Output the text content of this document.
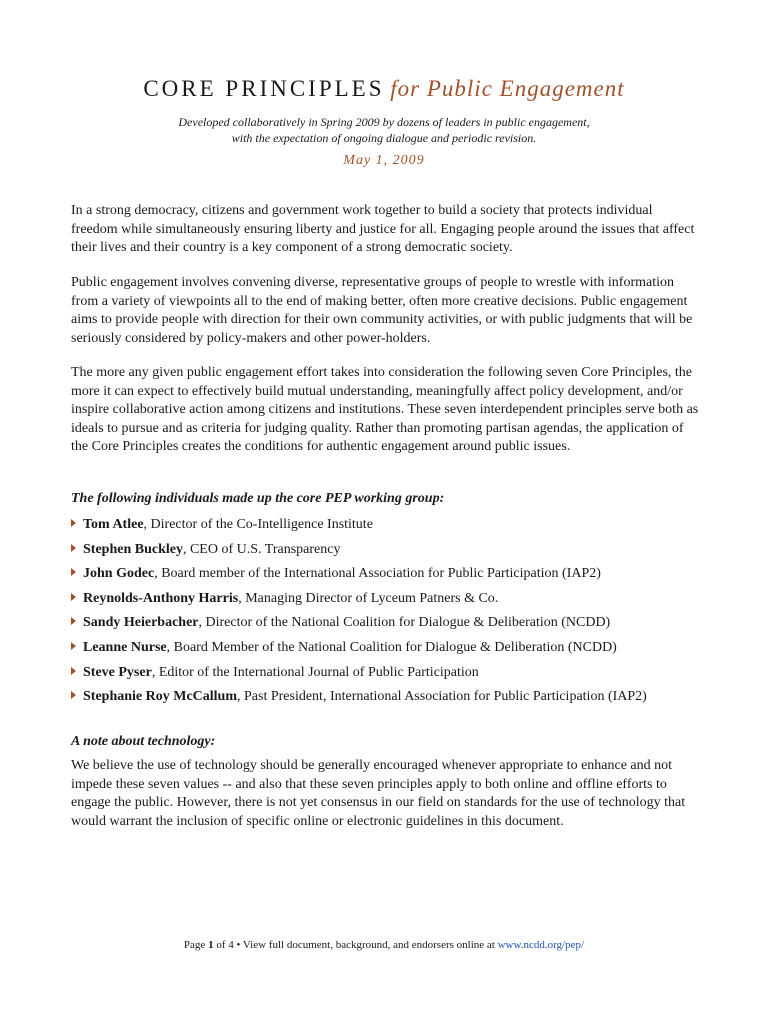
CORE PRINCIPLES for Public Engagement
Developed collaboratively in Spring 2009 by dozens of leaders in public engagement,
with the expectation of ongoing dialogue and periodic revision.
May 1, 2009
In a strong democracy, citizens and government work together to build a society that protects individual freedom while simultaneously ensuring liberty and justice for all. Engaging people around the issues that affect their lives and their country is a key component of a strong democratic society.
Public engagement involves convening diverse, representative groups of people to wrestle with information from a variety of viewpoints all to the end of making better, often more creative decisions. Public engagement aims to provide people with direction for their own community activities, or with public judgments that will be seriously considered by policy-makers and other power-holders.
The more any given public engagement effort takes into consideration the following seven Core Principles, the more it can expect to effectively build mutual understanding, meaningfully affect policy development, and/or inspire collaborative action among citizens and institutions. These seven interdependent principles serve both as ideals to pursue and as criteria for judging quality. Rather than promoting partisan agendas, the application of the Core Principles creates the conditions for authentic engagement around public issues.
The following individuals made up the core PEP working group:
Tom Atlee, Director of the Co-Intelligence Institute
Stephen Buckley, CEO of U.S. Transparency
John Godec, Board member of the International Association for Public Participation (IAP2)
Reynolds-Anthony Harris, Managing Director of Lyceum Patners & Co.
Sandy Heierbacher, Director of the National Coalition for Dialogue & Deliberation (NCDD)
Leanne Nurse, Board Member of the National Coalition for Dialogue & Deliberation (NCDD)
Steve Pyser, Editor of the International Journal of Public Participation
Stephanie Roy McCallum, Past President, International Association for Public Participation (IAP2)
A note about technology:
We believe the use of technology should be generally encouraged whenever appropriate to enhance and not impede these seven values -- and also that these seven principles apply to both online and offline efforts to engage the public. However, there is not yet consensus in our field on standards for the use of technology that would warrant the inclusion of specific online or electronic guidelines in this document.
Page 1 of 4 • View full document, background, and endorsers online at www.ncdd.org/pep/
